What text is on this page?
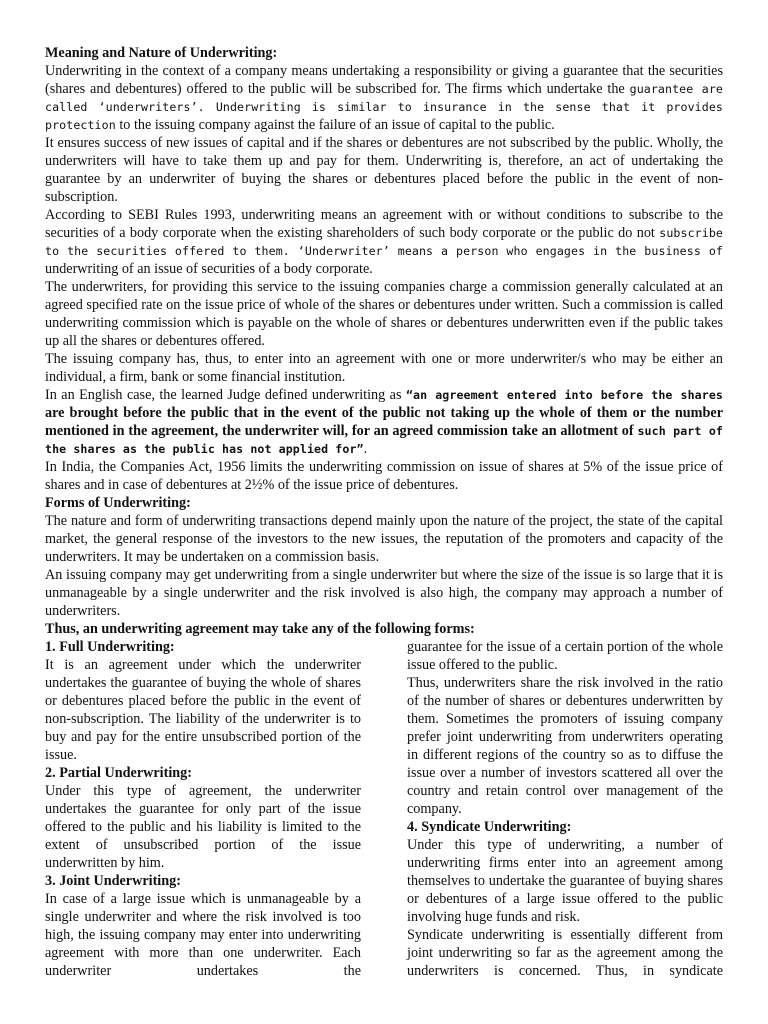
Meaning and Nature of Underwriting:

Underwriting in the context of a company means undertaking a responsibility or giving a guarantee that the securities (shares and debentures) offered to the public will be subscribed for. The firms which undertake the guarantee are called ‘underwriters’. Underwriting is similar to insurance in the sense that it provides protection to the issuing company against the failure of an issue of capital to the public.

It ensures success of new issues of capital and if the shares or debentures are not subscribed by the public. Wholly, the underwriters will have to take them up and pay for them. Underwriting is, therefore, an act of undertaking the guarantee by an underwriter of buying the shares or debentures placed before the public in the event of non- subscription.

According to SEBI Rules 1993, underwriting means an agreement with or without conditions to subscribe to the securities of a body corporate when the existing shareholders of such body corporate or the public do not subscribe to the securities offered to them. ‘Underwriter’ means a person who engages in the business of underwriting of an issue of securities of a body corporate.

The underwriters, for providing this service to the issuing companies charge a commission generally calculated at an agreed specified rate on the issue price of whole of the shares or debentures under written. Such a commission is called underwriting commission which is payable on the whole of shares or debentures underwritten even if the public takes up all the shares or debentures offered.

The issuing company has, thus, to enter into an agreement with one or more underwriter/s who may be either an individual, a firm, bank or some financial institution.

In an English case, the learned Judge defined underwriting as “an agreement entered into before the shares are brought before the public that in the event of the public not taking up the whole of them or the number mentioned in the agreement, the underwriter will, for an agreed commission take an allotment of such part of the shares as the public has not applied for”.

In India, the Companies Act, 1956 limits the underwriting commission on issue of shares at 5% of the issue price of shares and in case of debentures at 2½% of the issue price of debentures.

Forms of Underwriting:

The nature and form of underwriting transactions depend mainly upon the nature of the project, the state of the capital market, the general response of the investors to the new issues, the reputation of the promoters and capacity of the underwriters. It may be undertaken on a commission basis.

An issuing company may get underwriting from a single underwriter but where the size of the issue is so large that it is unmanageable by a single underwriter and the risk involved is also high, the company may approach a number of underwriters.

Thus, an underwriting agreement may take any of the following forms:
1. Full Underwriting:

It is an agreement under which the underwriter undertakes the guarantee of buying the whole of shares or debentures placed before the public in the event of non-subscription. The liability of the underwriter is to buy and pay for the entire unsubscribed portion of the issue.

2. Partial Underwriting:

Under this type of agreement, the underwriter undertakes the guarantee for only part of the issue offered to the public and his liability is limited to the extent of unsubscribed portion of the issue underwritten by him.

3. Joint Underwriting:

In case of a large issue which is unmanageable by a single underwriter and where the risk involved is too high, the issuing company may enter into underwriting agreement with more than one underwriter. Each underwriter undertakes the

guarantee for the issue of a certain portion of the whole issue offered to the public.

Thus, underwriters share the risk involved in the ratio of the number of shares or debentures underwritten by them. Sometimes the promoters of issuing company prefer joint underwriting from underwriters operating in different regions of the country so as to diffuse the issue over a number of investors scattered all over the country and retain control over management of the company.

4. Syndicate Underwriting:

Under this type of underwriting, a number of underwriting firms enter into an agreement among themselves to undertake the guarantee of buying shares or debentures of a large issue offered to the public involving huge funds and risk.

Syndicate underwriting is essentially different from joint underwriting so far as the agreement among the underwriters is concerned. Thus, in syndicate
